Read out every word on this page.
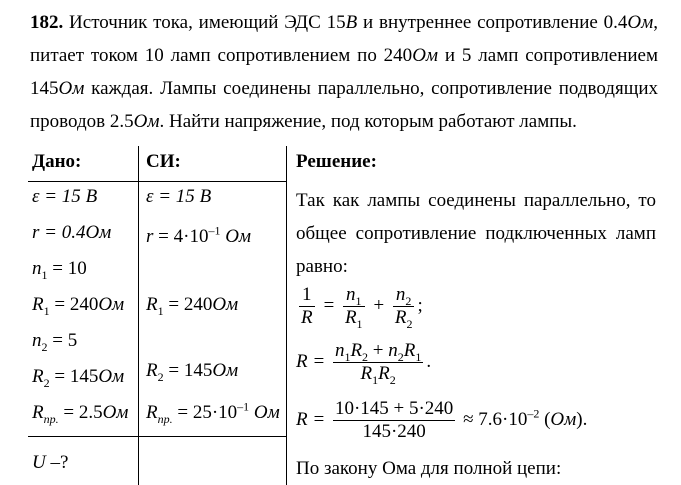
182. Источник тока, имеющий ЭДС 15В и внутреннее сопротивление 0.4Ом,
питает током 10 ламп сопротивлением по 240Ом и 5 ламп сопротивлением
145Ом каждая. Лампы соединены параллельно, сопротивление подводящих
проводов 2.5Ом. Найти напряжение, под которым работают лампы.
Дано:	СИ:	Решение:
ε = 15 В
r = 0.4Ом
$n_1 = 10$
$R_1 = 240Ом$
$n_2 = 5$
$R_2 = 145Ом$
$R_{пр.} = 2.5Ом$
U –?
ε = 15 В
$r = 4\cdot 10^{-1}$ Ом
$R_1 = 240Ом$
$R_2 = 145Ом$
$R_{пр.} = 25\cdot 10^{-1}$ Ом
Так как лампы соединены параллельно, то общее сопротивление подключенных ламп равно:
$\frac{1}{R} = \frac{n_1}{R_1} + \frac{n_2}{R_2}$ ;
$R = \frac{n_1R_2 + n_2R_1}{R_1R_2}$ .
$R = \frac{10\cdot 145 + 5\cdot 240}{145\cdot 240} \approx 7.6\cdot 10^{-2}$ (Ом).
По закону Ома для полной цепи:
